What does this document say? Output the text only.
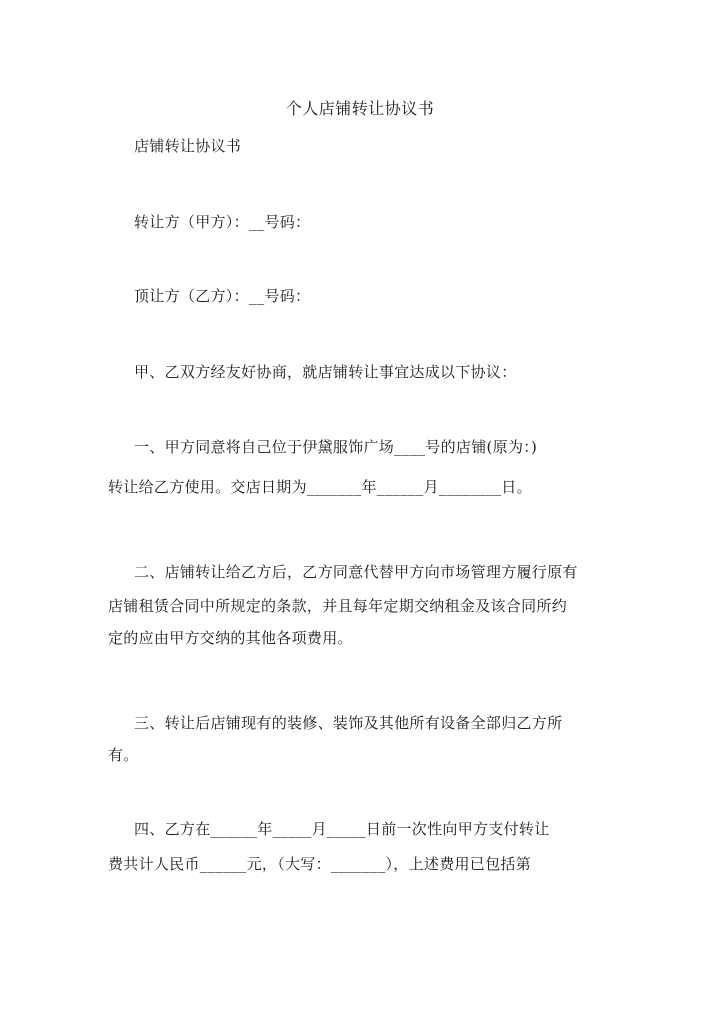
个人店铺转让协议书
店铺转让协议书
转让方（甲方）：__号码：
顶让方（乙方）：__号码：
甲、乙双方经友好协商，就店铺转让事宜达成以下协议：
一、甲方同意将自己位于伊黛服饰广场____号的店铺(原为：)
转让给乙方使用。交店日期为_______年______月________日。
二、店铺转让给乙方后，乙方同意代替甲方向市场管理方履行原有
店铺租赁合同中所规定的条款，并且每年定期交纳租金及该合同所约
定的应由甲方交纳的其他各项费用。
三、转让后店铺现有的装修、装饰及其他所有设备全部归乙方所
有。
四、乙方在______年_____月_____日前一次性向甲方支付转让
费共计人民币______元，（大写：_______），上述费用已包括第
